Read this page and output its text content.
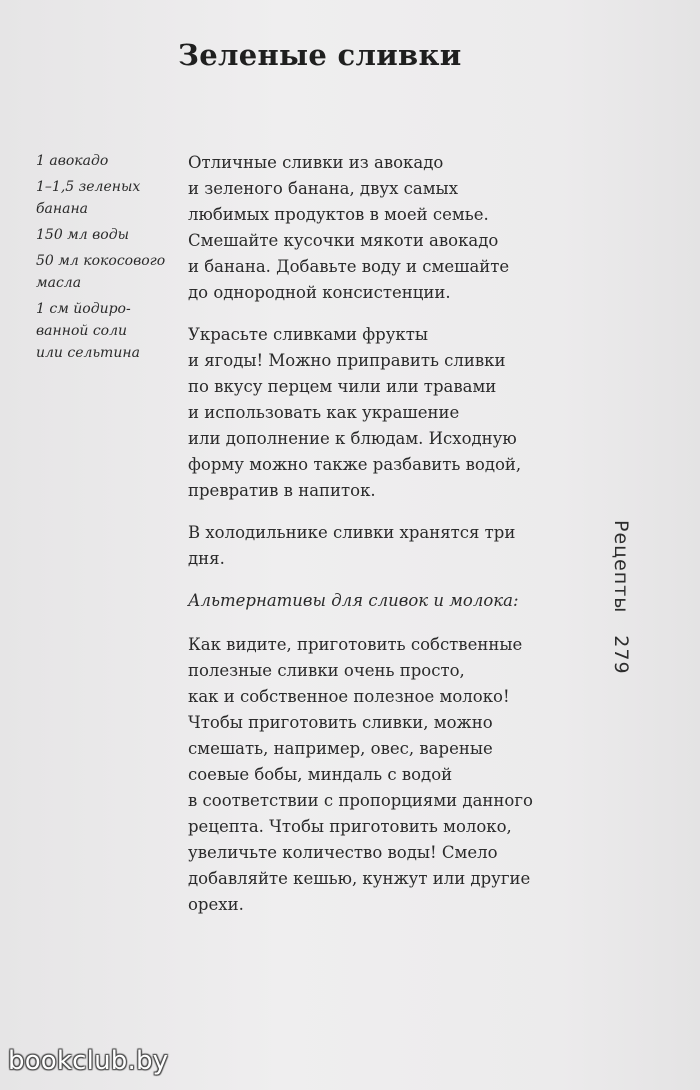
Зеленые сливки
1 авокадо
1–1,5 зеленых
банана
150 мл воды
50 мл кокосового
масла
1 см йодиро-
ванной соли
или сельтина
Отличные сливки из авокадо
и зеленого банана, двух самых
любимых продуктов в моей семье.
Смешайте кусочки мякоти авокадо
и банана. Добавьте воду и смешайте
до однородной консистенции.
Украсьте сливками фрукты
и ягоды! Можно приправить сливки
по вкусу перцем чили или травами
и использовать как украшение
или дополнение к блюдам. Исходную
форму можно также разбавить водой,
превратив в напиток.
В холодильнике сливки хранятся три
дня.
Альтернативы для сливок и молока:
Как видите, приготовить собственные
полезные сливки очень просто,
как и собственное полезное молоко!
Чтобы приготовить сливки, можно
смешать, например, овес, вареные
соевые бобы, миндаль с водой
в соответствии с пропорциями данного
рецепта. Чтобы приготовить молоко,
увеличьте количество воды! Смело
добавляйте кешью, кунжут или другие
орехи.
Рецепты279
bookclub.by
